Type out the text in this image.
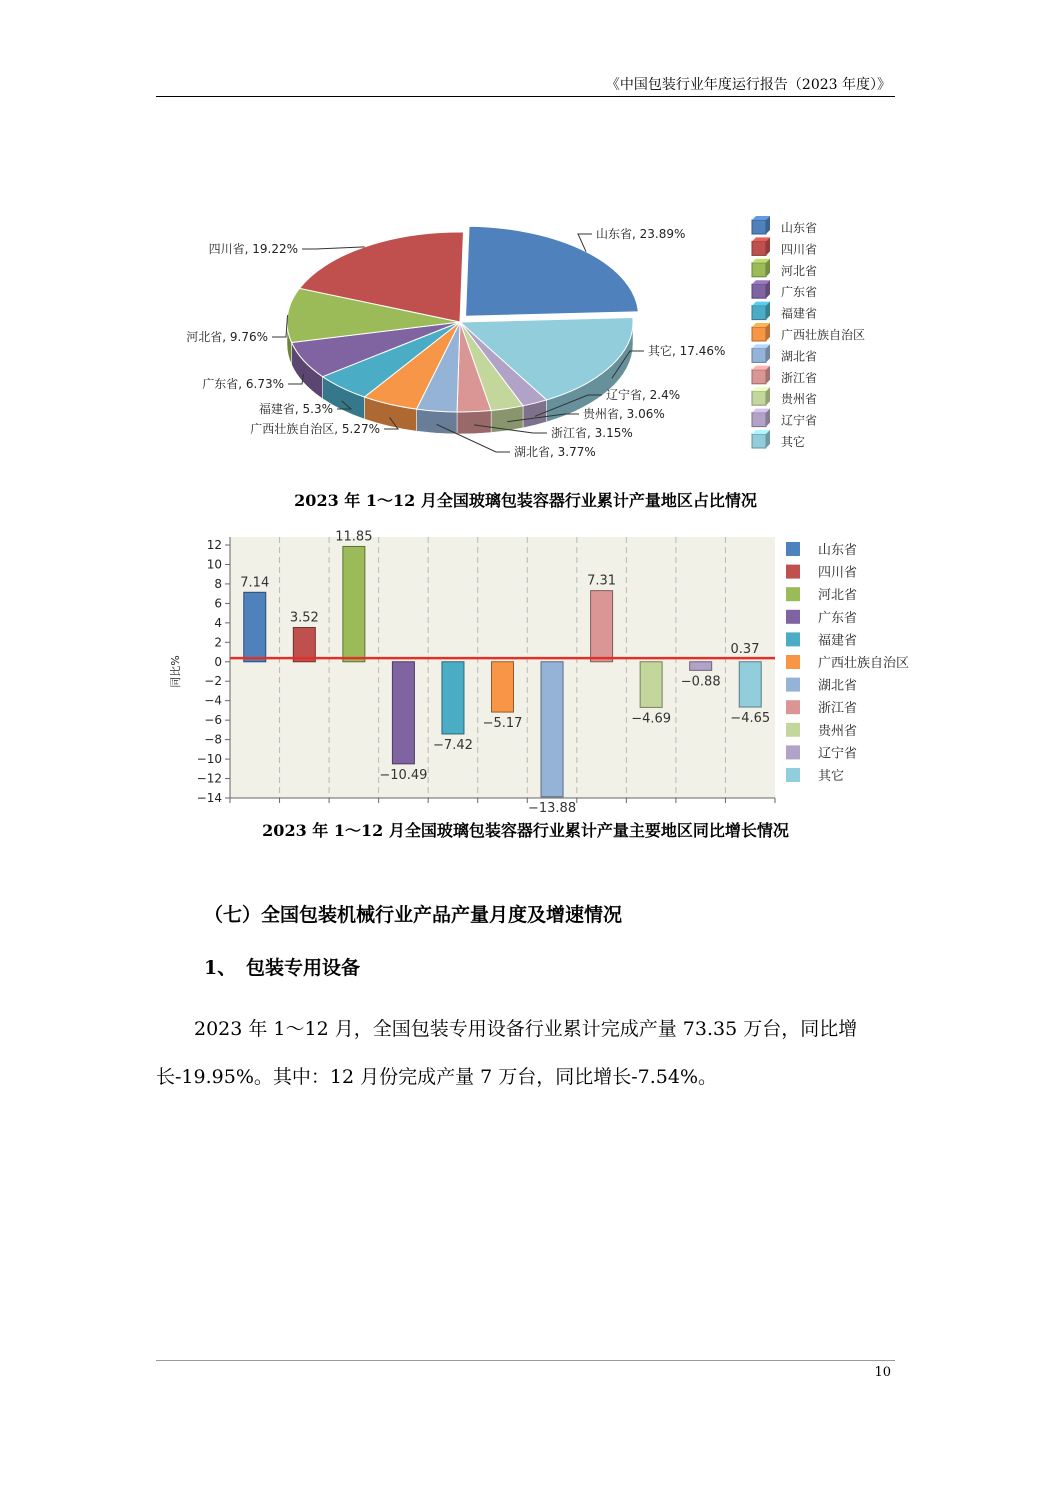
《中国包装行业年度运行报告（2023 年度）》
山东省, 23.89%
其它, 17.46%
辽宁省, 2.4%
贵州省, 3.06%
浙江省, 3.15%
湖北省, 3.77%
广西壮族自治区, 5.27%
福建省, 5.3%
广东省, 6.73%
河北省, 9.76%
四川省, 19.22%
山东省
四川省
河北省
广东省
福建省
广西壮族自治区
湖北省
浙江省
贵州省
辽宁省
其它
2023 年 1～12 月全国玻璃包装容器行业累计产量地区占比情况
12
10
8
6
4
2
0
−2
−4
−6
−8
−10
−12
−14
同比%
7.14
3.52
11.85
−10.49
−7.42
−5.17
−13.88
7.31
−4.69
−0.88
−4.65
0.37
山东省
四川省
河北省
广东省
福建省
广西壮族自治区
湖北省
浙江省
贵州省
辽宁省
其它
2023 年 1～12 月全国玻璃包装容器行业累计产量主要地区同比增长情况
（七）全国包装机械行业产品产量月度及增速情况
1、 包装专用设备
2023 年 1～12 月，全国包装专用设备行业累计完成产量 73.35 万台，同比增长-19.95%。其中：12 月份完成产量 7 万台，同比增长-7.54%。
10
